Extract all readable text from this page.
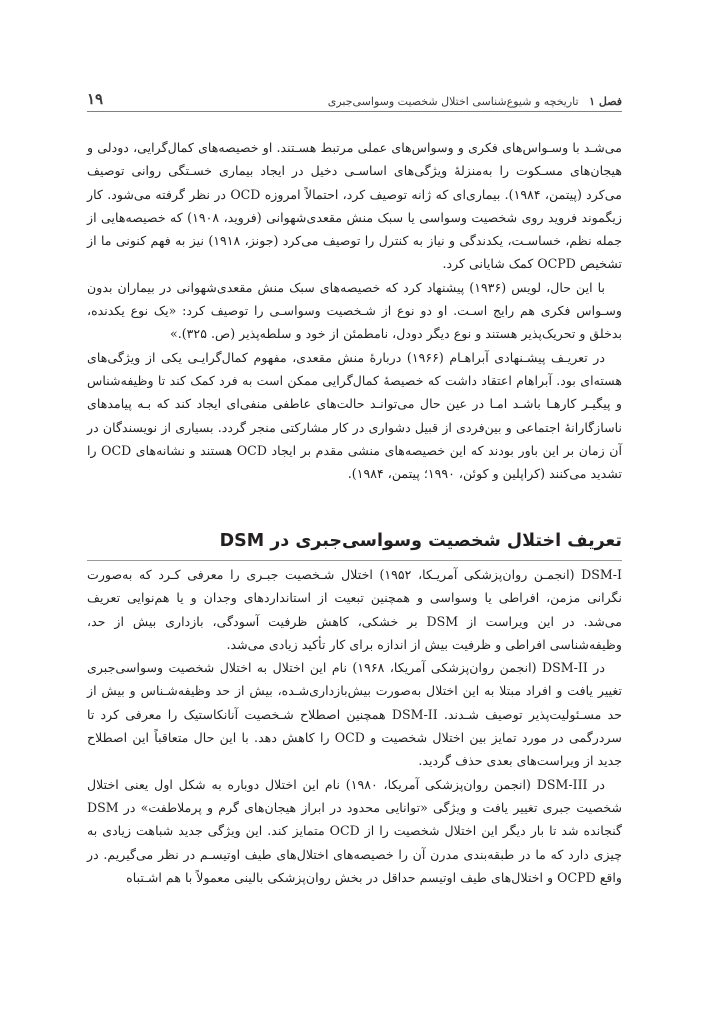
فصل ۱   تاریخچه و شیوع‌شناسی اختلال شخصیت وسواسی‌جبری
۱۹

می‌شـد با وسـواس‌های فکری و وسواس‌های عملی مرتبط هسـتند. او خصیصه‌های کمال‌گرایی، دودلی و هیجان‌های مسـکوت را به‌منزلهٔ ویژگی‌های اساسـی دخیل در ایجاد بیماری خسـتگی روانی توصیف می‌کرد (پیتمن، ۱۹۸۴). بیماری‌ای که ژانه توصیف کرد، احتمالاً امروزه OCD در نظر گرفته می‌شود. کار زیگموند فروید روی شخصیت وسواسی یا سبک منش مقعدی‌شهوانی (فروید، ۱۹۰۸) که خصیصه‌هایی از جمله نظم، خساسـت، یکدندگی و نیاز به کنترل را توصیف می‌کرد (جونز، ۱۹۱۸) نیز به فهم کنونی ما از تشخیص OCPD کمک شایانی کرد.

با این حال، لویس (۱۹۳۶) پیشنهاد کرد که خصیصه‌های سبک منش مقعدی‌شهوانی در بیماران بدون وسـواس فکری هم رایج اسـت. او دو نوع از شـخصیت وسواسـی را توصیف کرد: «یک نوع یکدنده، بدخلق و تحریک‌پذیر هستند و نوع دیگر دودل، نامطمئن از خود و سلطه‌پذیر (ص. ۳۲۵).»

در تعریـف پیشـنهادی آبراهـام (۱۹۶۶) دربارهٔ منش مقعدی، مفهوم کمال‌گرایـی یکی از ویژگی‌های هسته‌ای بود. آبراهام اعتقاد داشت که خصیصهٔ کمال‌گرایی ممکن است به فرد کمک کند تا وظیفه‌شناس و پیگیـر کارهـا باشـد امـا در عین حال می‌توانـد حالت‌های عاطفی منفی‌ای ایجاد کند که بـه پیامدهای ناسازگارانهٔ اجتماعی و بین‌فردی از قبیل دشواری در کار مشارکتی منجر گردد. بسیاری از نویسندگان در آن زمان بر این باور بودند که این خصیصه‌های منشی مقدم بر ایجاد OCD هستند و نشانه‌های OCD را تشدید می‌کنند (کراپلین و کوئن، ۱۹۹۰؛ پیتمن، ۱۹۸۴).

تعریف اختلال شخصیت وسواسی‌جبری در DSM

DSM-I (انجمـن روان‌پزشکی آمریـکا، ۱۹۵۲) اختلال شـخصیت جبـری را معرفی کـرد که به‌صورت نگرانی مزمن، افراطی یا وسواسی و همچنین تبعیت از استانداردهای وجدان و یا هم‌نوایی تعریف می‌شد. در این ویراست از DSM بر خشکی، کاهش ظرفیت آسودگی، بازداری بیش از حد، وظیفه‌شناسی افراطی و ظرفیت بیش از اندازه برای کار تأکید زیادی می‌شد.

در DSM-II (انجمن روان‌پزشکی آمریکا، ۱۹۶۸) نام این اختلال به اختلال شخصیت وسواسی‌جبری تغییر یافت و افراد مبتلا به این اختلال به‌صورت بیش‌بازداری‌شـده، بیش از حد وظیفه‌شـناس و بیش از حد مسـئولیت‌پذیر توصیف شـدند. DSM-II همچنین اصطلاح شـخصیت آنانکاستیک را معرفی کرد تا سردرگمی در مورد تمایز بین اختلال شخصیت و OCD را کاهش دهد. با این حال متعاقباً این اصطلاح جدید از ویراست‌های بعدی حذف گردید.

در DSM-III (انجمن روان‌پزشکی آمریکا، ۱۹۸۰) نام این اختلال دوباره به شکل اول یعنی اختلال شخصیت جبری تغییر یافت و ویژگی «توانایی محدود در ابراز هیجان‌های گرم و پرملاطفت» در DSM گنجانده شد تا بار دیگر این اختلال شخصیت را از OCD متمایز کند. این ویژگی جدید شباهت زیادی به چیزی دارد که ما در طبقه‌بندی مدرن آن را خصیصه‌های اختلال‌های طیف اوتیسـم در نظر می‌گیریم. در واقع OCPD و اختلال‌های طیف اوتیسم حداقل در بخش روان‌پزشکی بالینی معمولاً با هم اشـتباه
